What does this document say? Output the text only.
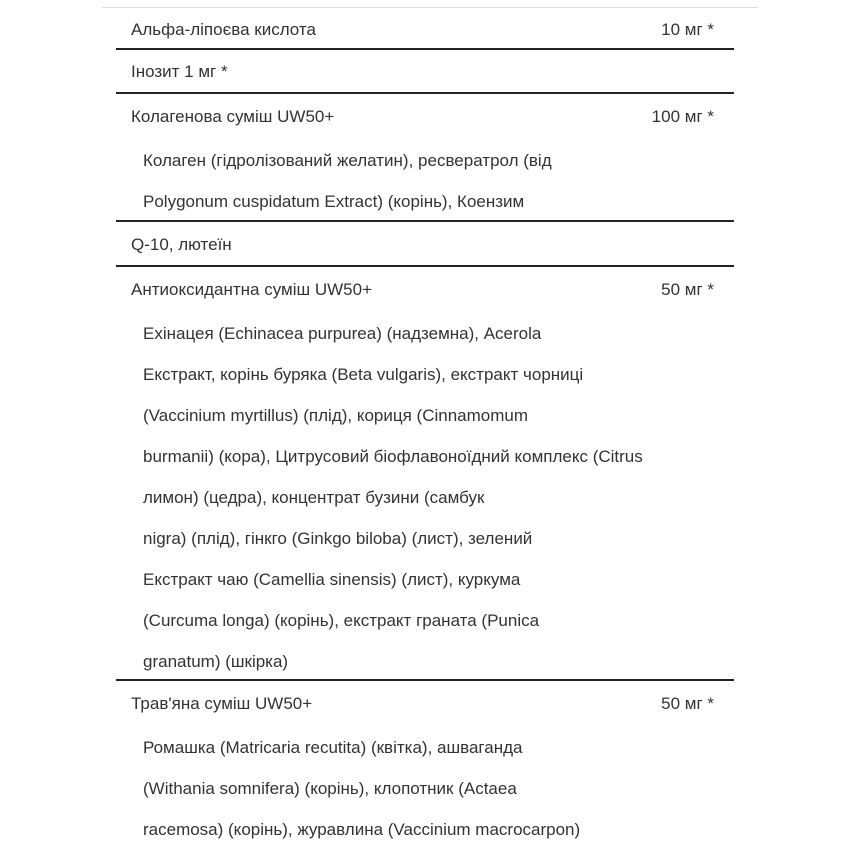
Альфа-ліпоєва кислота	10 мг *
Інозит 1 мг *
Колагенова суміш UW50+	100 мг *
Колаген (гідролізований желатин), ресвератрол (від
Polygonum cuspidatum Extract) (корінь), Коензим
Q-10, лютеїн
Антиоксидантна суміш UW50+	50 мг *
Ехінацея (Echinacea purpurea) (надземна), Acerola
Екстракт, корінь буряка (Beta vulgaris), екстракт чорниці
(Vaccinium myrtillus) (плід), кориця (Cinnamomum
burmanii) (кора), Цитрусовий біофлавоноїдний комплекс (Citrus
лимон) (цедра), концентрат бузини (самбук
nigra) (плід), гінкго (Ginkgo biloba) (лист), зелений
Екстракт чаю (Camellia sinensis) (лист), куркума
(Curcuma longa) (корінь), екстракт граната (Punica
granatum) (шкірка)
Трав'яна суміш UW50+	50 мг *
Ромашка (Matricaria recutita) (квітка), ашваганда
(Withania somnifera) (корінь), клопотник (Actaea
racemosa) (корінь), журавлина (Vaccinium macrocarpon)
